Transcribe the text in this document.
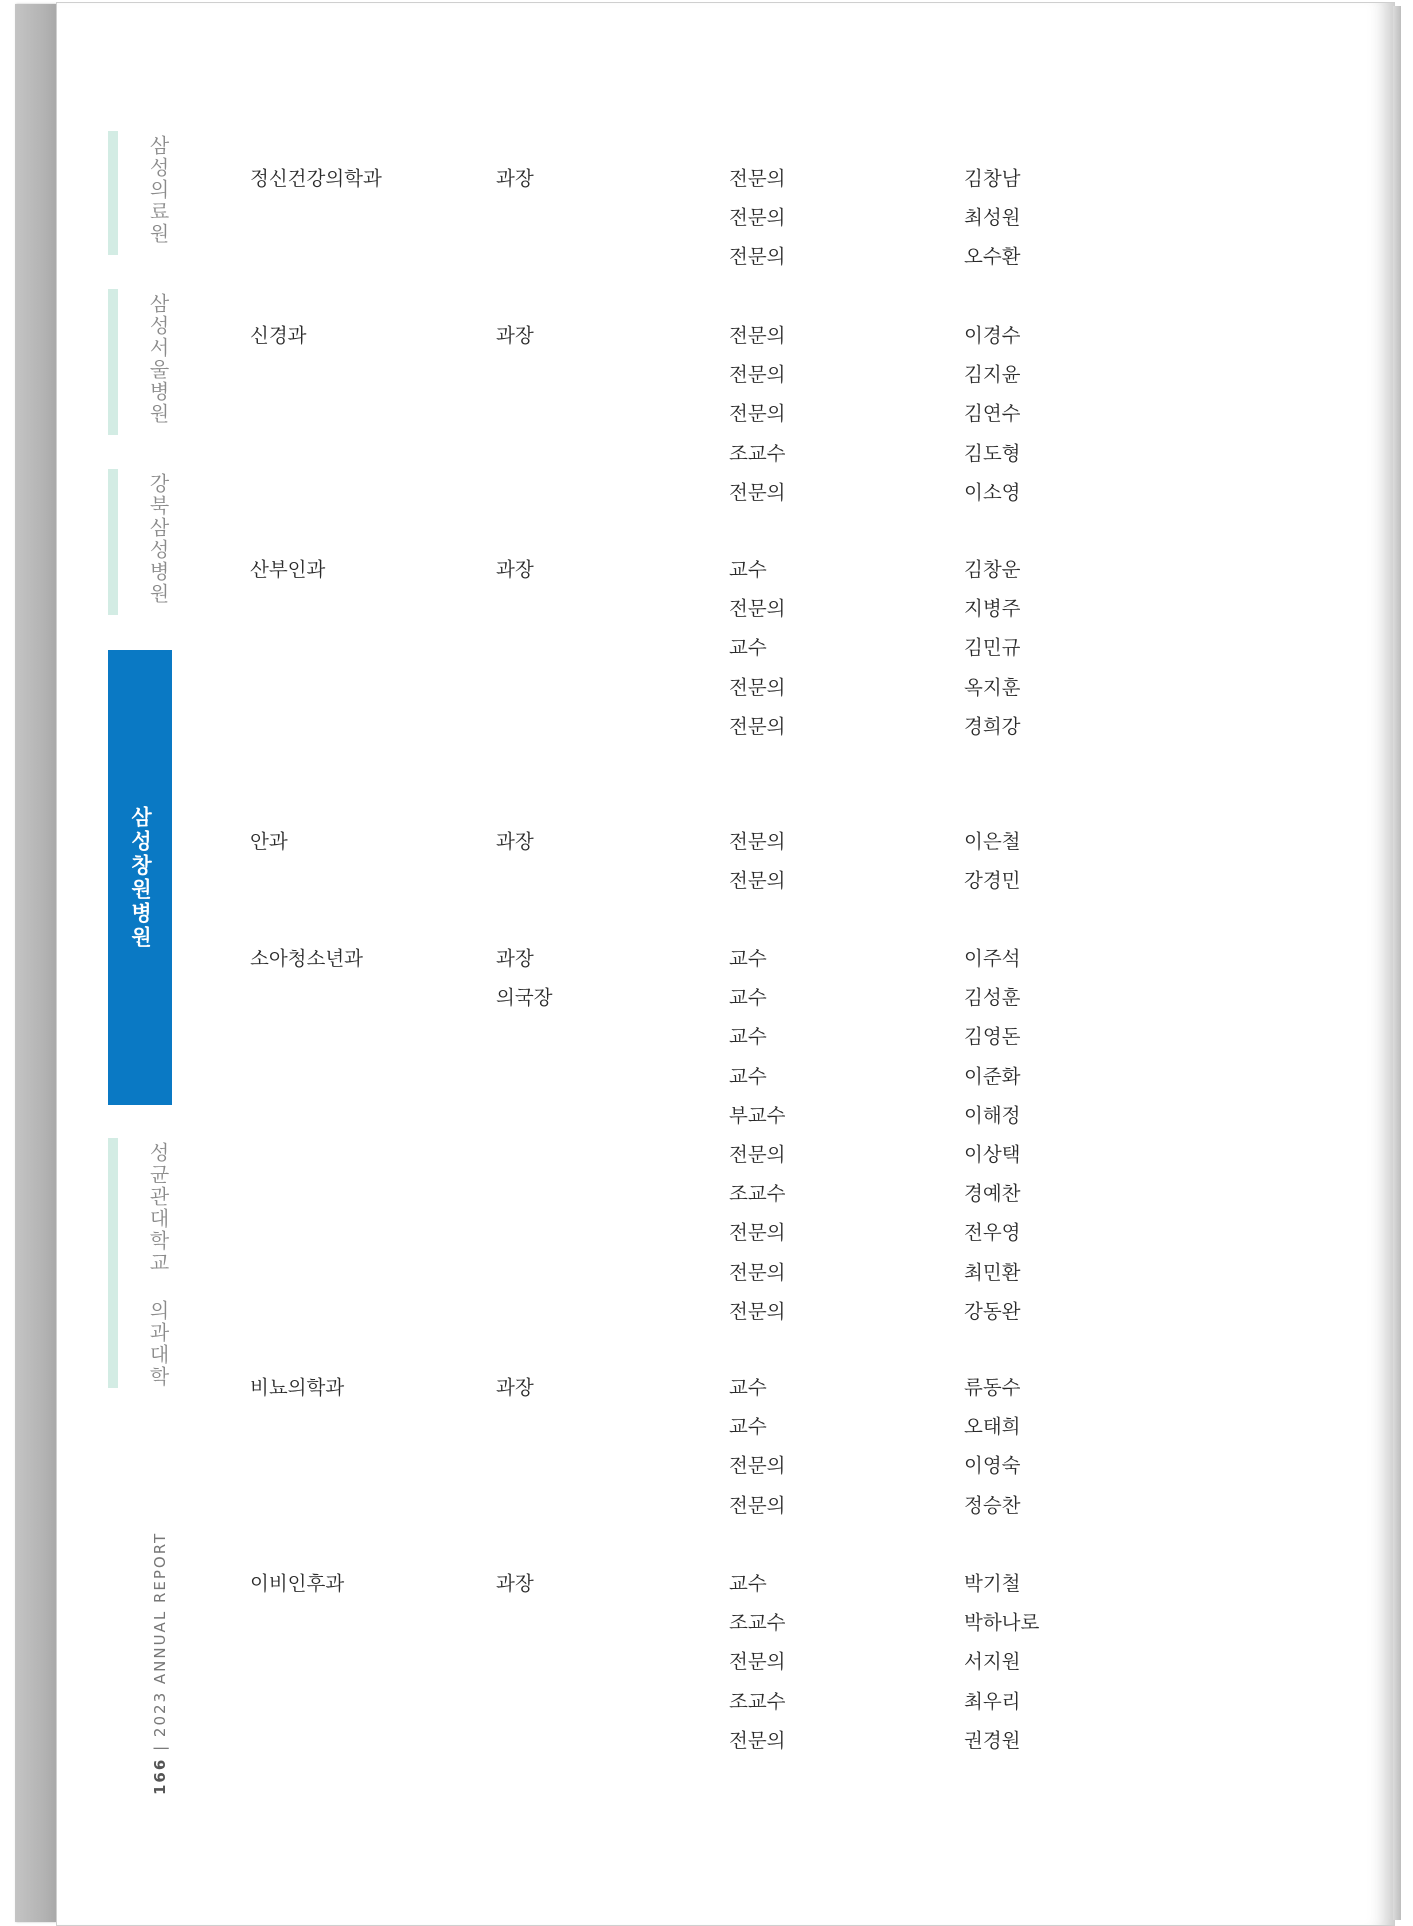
삼성의료원
삼성서울병원
강북삼성병원
삼성창원병원
성균관대학교 의과대학
166 | 2023 ANNUAL REPORT
정신건강의학과	과장	전문의	김창남
전문의	최성원
전문의	오수환
신경과	과장	전문의	이경수
전문의	김지윤
전문의	김연수
조교수	김도형
전문의	이소영
산부인과	과장	교수	김창운
전문의	지병주
교수	김민규
전문의	옥지훈
전문의	경희강
안과	과장	전문의	이은철
전문의	강경민
소아청소년과	과장	교수	이주석
의국장	교수	김성훈
교수	김영돈
교수	이준화
부교수	이해정
전문의	이상택
조교수	경예찬
전문의	전우영
전문의	최민환
전문의	강동완
비뇨의학과	과장	교수	류동수
교수	오태희
전문의	이영숙
전문의	정승찬
이비인후과	과장	교수	박기철
조교수	박하나로
전문의	서지원
조교수	최우리
전문의	권경원
